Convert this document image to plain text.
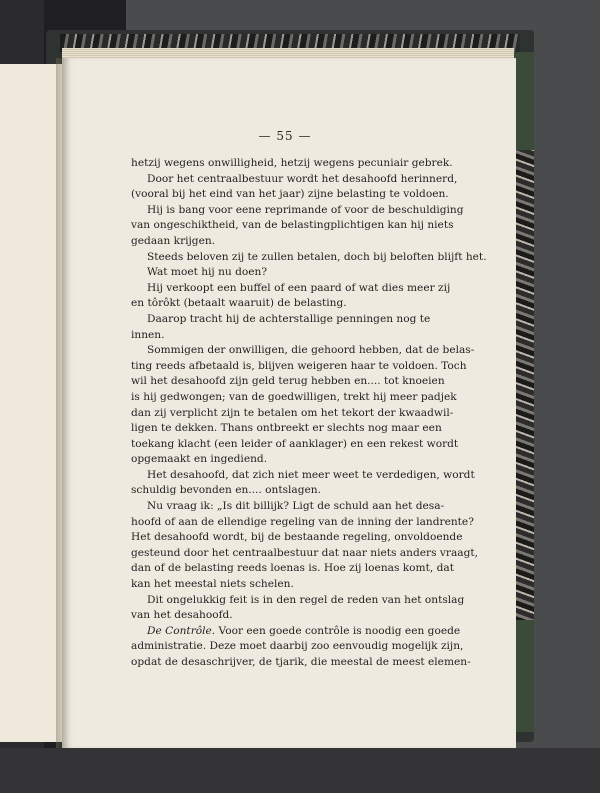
— 55 —
hetzij wegens onwilligheid, hetzij wegens pecuniair gebrek.
Door het centraalbestuur wordt het desahoofd herinnerd,
(vooral bij het eind van het jaar) zijne belasting te voldoen.
Hij is bang voor eene reprimande of voor de beschuldiging
van ongeschiktheid, van de belastingplichtigen kan hij niets
gedaan krijgen.
Steeds beloven zij te zullen betalen, doch bij beloften blijft het.
Wat moet hij nu doen?
Hij verkoopt een buffel of een paard of wat dies meer zij
en tôrôkt (betaalt waaruit) de belasting.
Daarop tracht hij de achterstallige penningen nog te
innen.
Sommigen der onwilligen, die gehoord hebben, dat de belas-
ting reeds afbetaald is, blijven weigeren haar te voldoen. Toch
wil het desahoofd zijn geld terug hebben en.... tot knoeien
is hij gedwongen; van de goedwilligen, trekt hij meer padjek
dan zij verplicht zijn te betalen om het tekort der kwaadwil-
ligen te dekken. Thans ontbreekt er slechts nog maar een
toekang klacht (een leider of aanklager) en een rekest wordt
opgemaakt en ingediend.
Het desahoofd, dat zich niet meer weet te verdedigen, wordt
schuldig bevonden en.... ontslagen.
Nu vraag ik: „Is dit billijk? Ligt de schuld aan het desa-
hoofd of aan de ellendige regeling van de inning der landrente?
Het desahoofd wordt, bij de bestaande regeling, onvoldoende
gesteund door het centraalbestuur dat naar niets anders vraagt,
dan of de belasting reeds loenas is. Hoe zij loenas komt, dat
kan het meestal niets schelen.
Dit ongelukkig feit is in den regel de reden van het ontslag
van het desahoofd.
De Contrôle. Voor een goede contrôle is noodig een goede
administratie. Deze moet daarbij zoo eenvoudig mogelijk zijn,
opdat de desaschrijver, de tjarik, die meestal de meest elemen-
